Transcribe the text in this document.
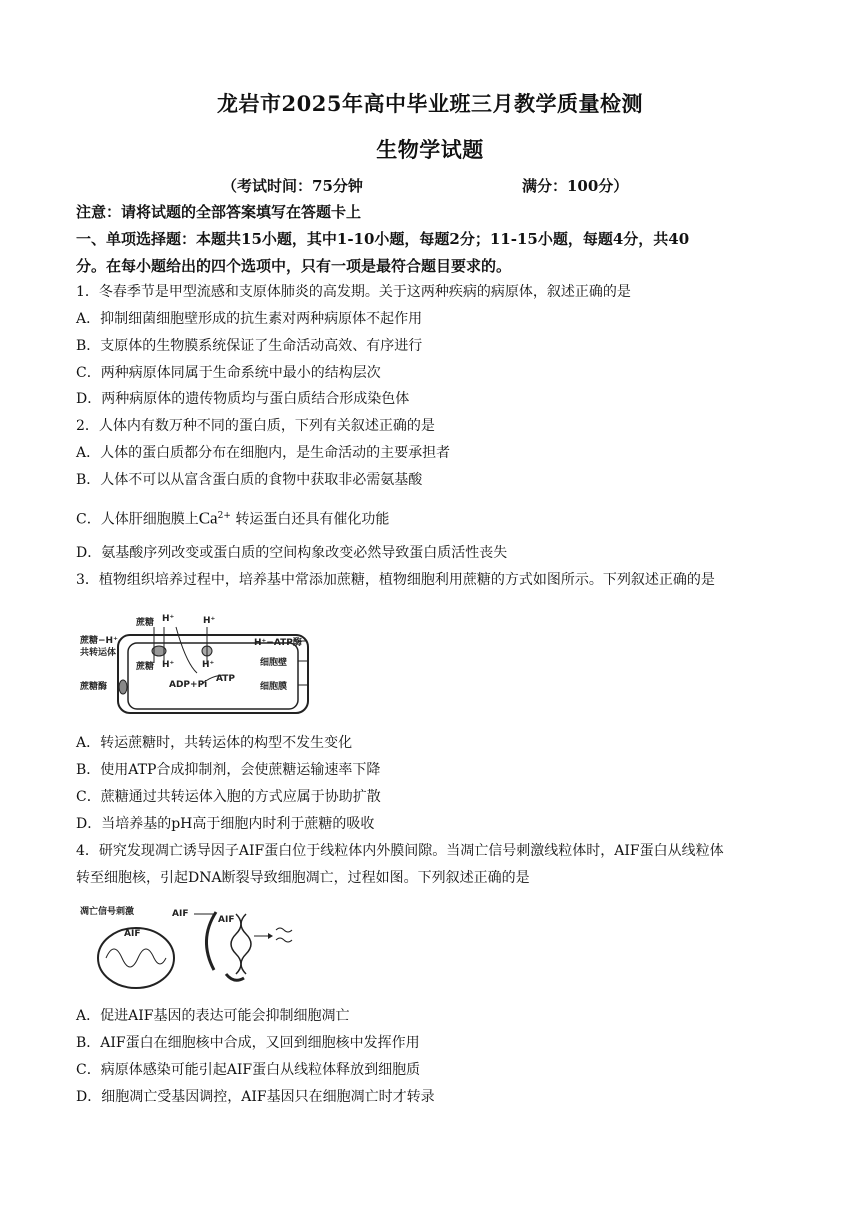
龙岩市2025年高中毕业班三月教学质量检测
生物学试题
（考试时间：75分钟	满分：100分）
注意：请将试题的全部答案填写在答题卡上
一、单项选择题：本题共15小题，其中1-10小题，每题2分；11-15小题，每题4分，共40
分。在每小题给出的四个选项中，只有一项是最符合题目要求的。
1．冬春季节是甲型流感和支原体肺炎的高发期。关于这两种疾病的病原体，叙述正确的是
A．抑制细菌细胞壁形成的抗生素对两种病原体不起作用
B．支原体的生物膜系统保证了生命活动高效、有序进行
C．两种病原体同属于生命系统中最小的结构层次
D．两种病原体的遗传物质均与蛋白质结合形成染色体
2．人体内有数万种不同的蛋白质，下列有关叙述正确的是
A．人体的蛋白质都分布在细胞内，是生命活动的主要承担者
B．人体不可以从富含蛋白质的食物中获取非必需氨基酸
C．人体肝细胞膜上$Ca^{2+}$ 转运蛋白还具有催化功能
D．氨基酸序列改变或蛋白质的空间构象改变必然导致蛋白质活性丧失
3．植物组织培养过程中，培养基中常添加蔗糖，植物细胞利用蔗糖的方式如图所示。下列叙述正确的是
蔗糖 H⁺	H⁺
蔗糖−H⁺
共转运体
蔗糖 H⁺	H⁺
ADP+Pi
ATP
蔗糖酶
H⁺−ATP酶
细胞壁
细胞膜
A．转运蔗糖时，共转运体的构型不发生变化
B．使用ATP合成抑制剂，会使蔗糖运输速率下降
C．蔗糖通过共转运体入胞的方式应属于协助扩散
D．当培养基的pH高于细胞内时利于蔗糖的吸收
4．研究发现凋亡诱导因子AIF蛋白位于线粒体内外膜间隙。当凋亡信号刺激线粒体时，AIF蛋白从线粒体
转至细胞核，引起DNA断裂导致细胞凋亡，过程如图。下列叙述正确的是
凋亡信号刺激	AIF
AIF
AIF
A．促进AIF基因的表达可能会抑制细胞凋亡
B．AIF蛋白在细胞核中合成，又回到细胞核中发挥作用
C．病原体感染可能引起AIF蛋白从线粒体释放到细胞质
D．细胞凋亡受基因调控，AIF基因只在细胞凋亡时才转录
